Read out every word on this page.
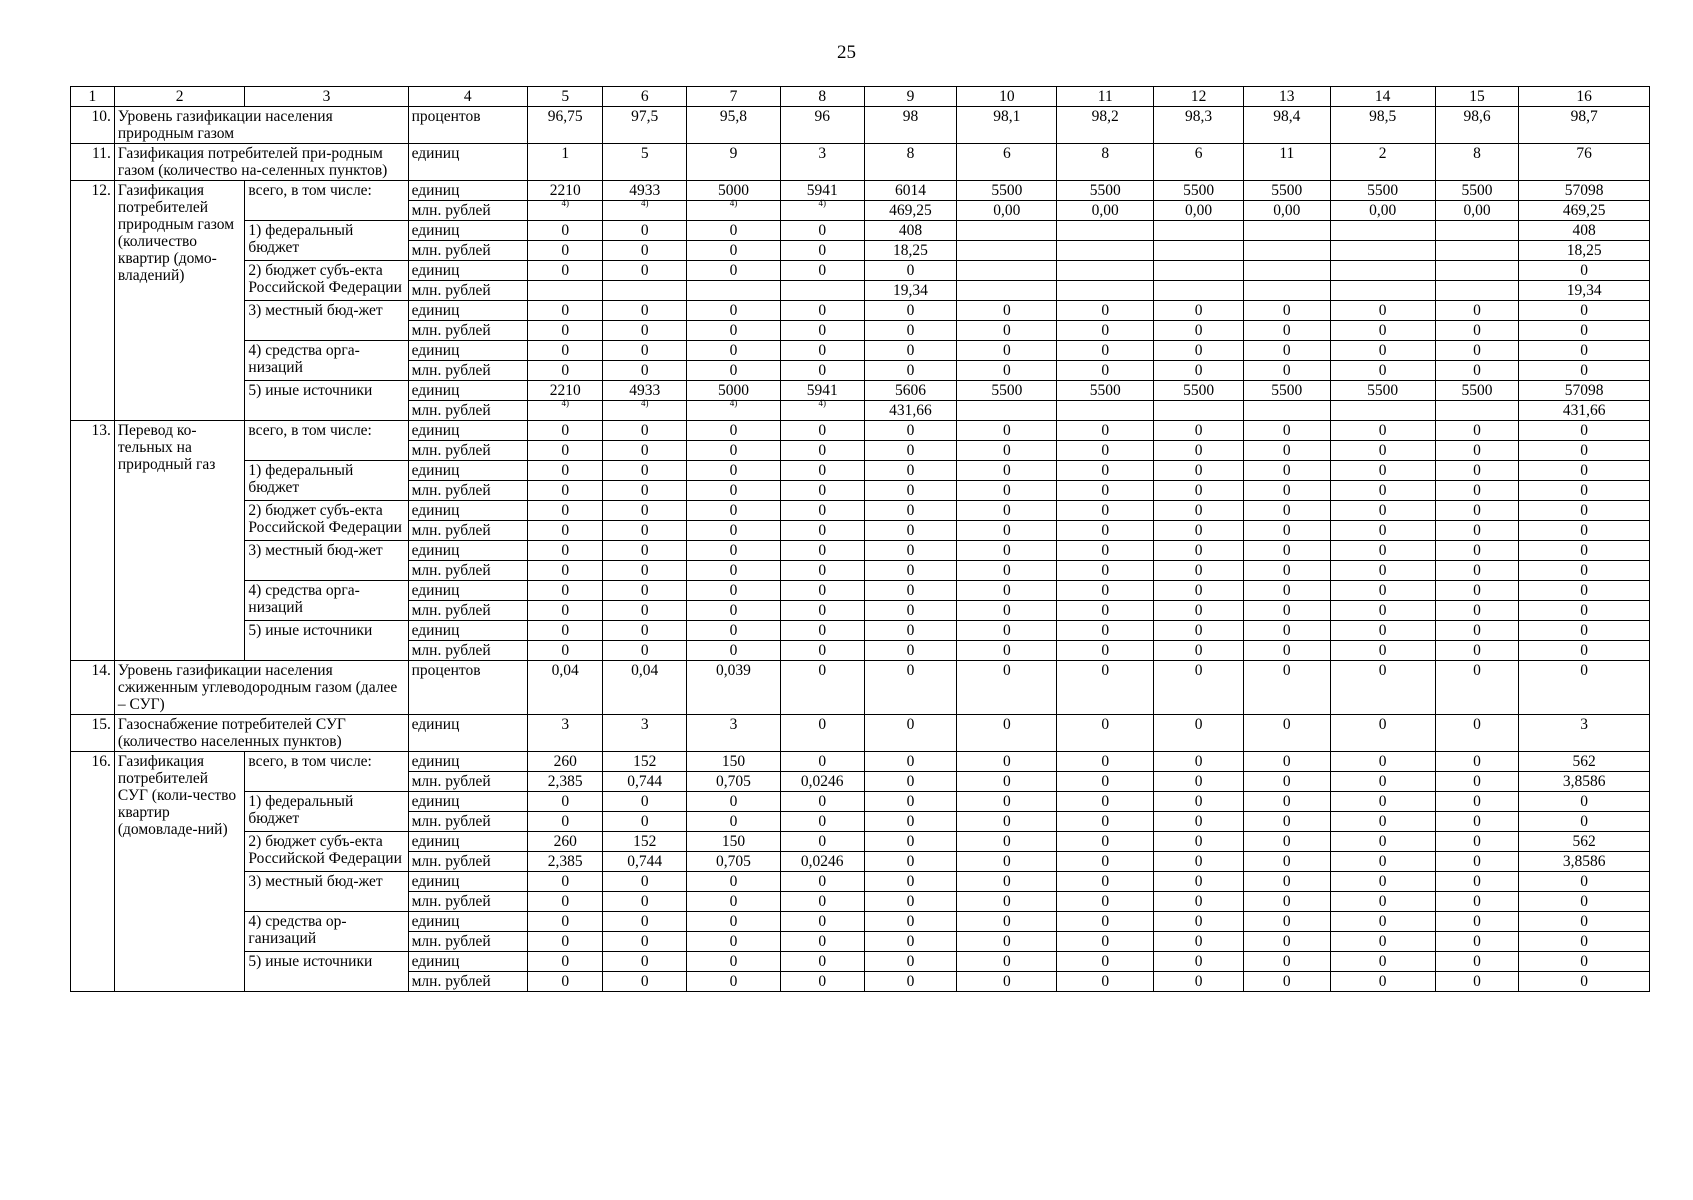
25
1	2	3	4	5	6	7	8	9	10	11	12	13	14	15	16
10.	Уровень газификации населения природным газом		процентов	96,75	97,5	95,8	96	98	98,1	98,2	98,3	98,4	98,5	98,6	98,7
11.	Газификация потребителей при-родным газом (количество на-селенных пунктов)		единиц	1	5	9	3	8	6	8	6	11	2	8	76
12.	Газификация потребителей природным газом (количество квартир (домо-владений)	всего, в том числе:	единиц	2210	4933	5000	5941	6014	5500	5500	5500	5500	5500	5500	57098
			млн. рублей	$^{4)}$	$^{4)}$	$^{4)}$	$^{4)}$	469,25	0,00	0,00	0,00	0,00	0,00	0,00	469,25
		1) федеральный бюджет	единиц	0	0	0	0	408							408
			млн. рублей	0	0	0	0	18,25							18,25
		2) бюджет субъ-екта Российской Федерации	единиц	0	0	0	0	0							0
			млн. рублей					19,34							19,34
		3) местный бюд-жет	единиц	0	0	0	0	0	0	0	0	0	0	0	0
			млн. рублей	0	0	0	0	0	0	0	0	0	0	0	0
		4) средства орга-низаций	единиц	0	0	0	0	0	0	0	0	0	0	0	0
			млн. рублей	0	0	0	0	0	0	0	0	0	0	0	0
		5) иные источники	единиц	2210	4933	5000	5941	5606	5500	5500	5500	5500	5500	5500	57098
			млн. рублей	$^{4)}$	$^{4)}$	$^{4)}$	$^{4)}$	431,66							431,66
13.	Перевод ко-тельных на природный газ	всего, в том числе:	единиц	0	0	0	0	0	0	0	0	0	0	0	0
			млн. рублей	0	0	0	0	0	0	0	0	0	0	0	0
		1) федеральный бюджет	единиц	0	0	0	0	0	0	0	0	0	0	0	0
			млн. рублей	0	0	0	0	0	0	0	0	0	0	0	0
		2) бюджет субъ-екта Российской Федерации	единиц	0	0	0	0	0	0	0	0	0	0	0	0
			млн. рублей	0	0	0	0	0	0	0	0	0	0	0	0
		3) местный бюд-жет	единиц	0	0	0	0	0	0	0	0	0	0	0	0
			млн. рублей	0	0	0	0	0	0	0	0	0	0	0	0
		4) средства орга-низаций	единиц	0	0	0	0	0	0	0	0	0	0	0	0
			млн. рублей	0	0	0	0	0	0	0	0	0	0	0	0
		5) иные источники	единиц	0	0	0	0	0	0	0	0	0	0	0	0
			млн. рублей	0	0	0	0	0	0	0	0	0	0	0	0
14.	Уровень газификации населения сжиженным углеводородным газом (далее – СУГ)		процентов	0,04	0,04	0,039	0	0	0	0	0	0	0	0	0
15.	Газоснабжение потребителей СУГ (количество населенных пунктов)		единиц	3	3	3	0	0	0	0	0	0	0	0	3
16.	Газификация потребителей СУГ (коли-чество квартир (домовладе-ний)	всего, в том числе:	единиц	260	152	150	0	0	0	0	0	0	0	0	562
			млн. рублей	2,385	0,744	0,705	0,0246	0	0	0	0	0	0	0	3,8586
		1) федеральный бюджет	единиц	0	0	0	0	0	0	0	0	0	0	0	0
			млн. рублей	0	0	0	0	0	0	0	0	0	0	0	0
		2) бюджет субъ-екта Российской Федерации	единиц	260	152	150	0	0	0	0	0	0	0	0	562
			млн. рублей	2,385	0,744	0,705	0,0246	0	0	0	0	0	0	0	3,8586
		3) местный бюд-жет	единиц	0	0	0	0	0	0	0	0	0	0	0	0
			млн. рублей	0	0	0	0	0	0	0	0	0	0	0	0
		4) средства ор-ганизаций	единиц	0	0	0	0	0	0	0	0	0	0	0	0
			млн. рублей	0	0	0	0	0	0	0	0	0	0	0	0
		5) иные источники	единиц	0	0	0	0	0	0	0	0	0	0	0	0
			млн. рублей	0	0	0	0	0	0	0	0	0	0	0	0
